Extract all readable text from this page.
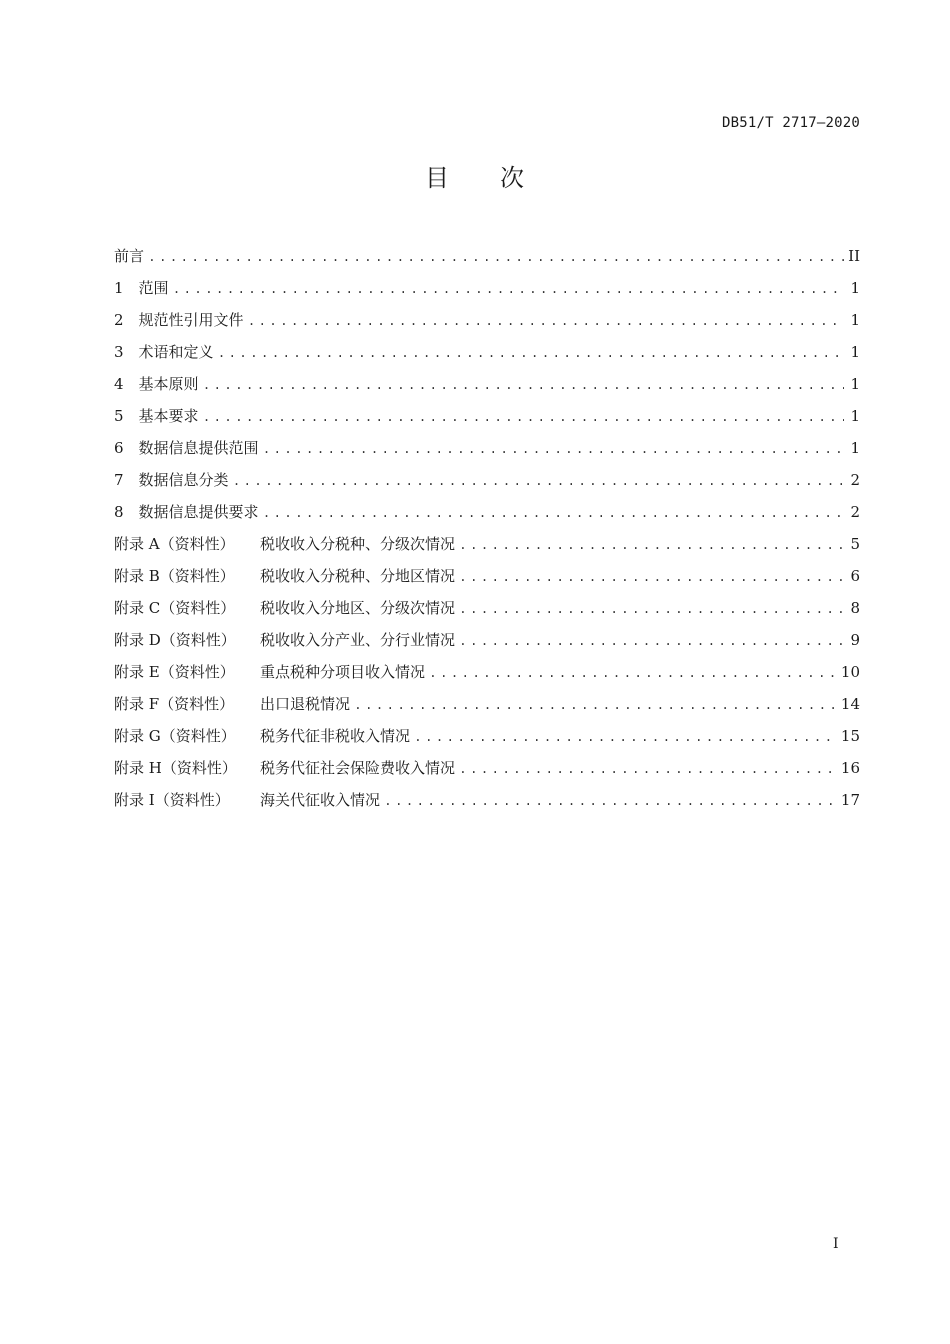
DB51/T 2717—2020
目　　次
前言 .....	II
1　范围 .....	1
2　规范性引用文件 .....	1
3　术语和定义 .....	1
4　基本原则 .....	1
5　基本要求 .....	1
6　数据信息提供范围 .....	1
7　数据信息分类 .....	2
8　数据信息提供要求 .....	2
附录 A（资料性） 税收收入分税种、分级次情况 .....	5
附录 B（资料性） 税收收入分税种、分地区情况 .....	6
附录 C（资料性） 税收收入分地区、分级次情况 .....	8
附录 D（资料性） 税收收入分产业、分行业情况 .....	9
附录 E（资料性） 重点税种分项目收入情况 .....	10
附录 F（资料性） 出口退税情况 .....	14
附录 G（资料性） 税务代征非税收入情况 .....	15
附录 H（资料性） 税务代征社会保险费收入情况 .....	16
附录 I（资料性） 海关代征收入情况 .....	17
I
